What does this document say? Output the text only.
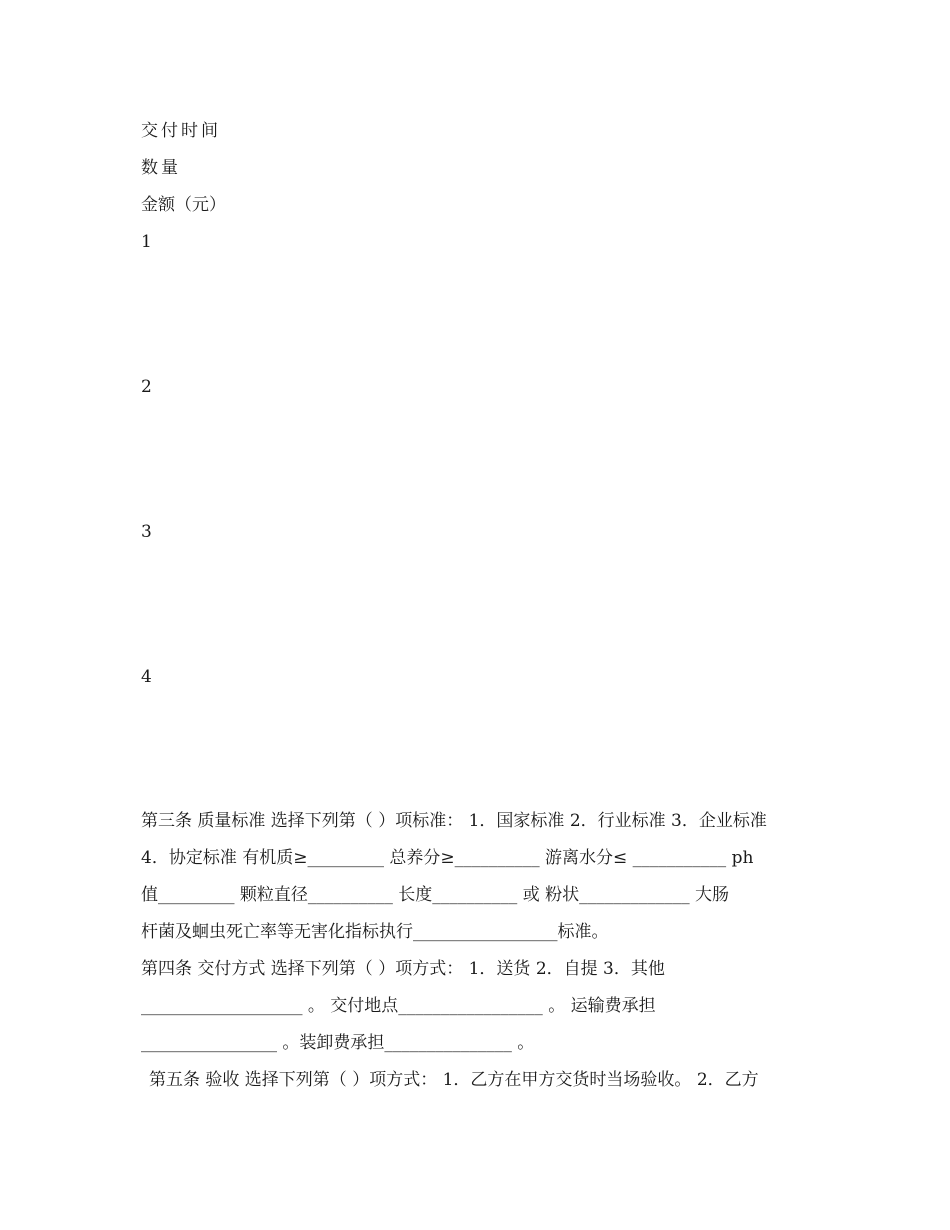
交付时间
数量
金额（元）
1
2
3
4
第三条 质量标准 选择下列第（ ）项标准： 1．国家标准 2．行业标准 3．企业标准
4．协定标准 有机质≥_________ 总养分≥__________ 游离水分≤ ___________ ph
值_________ 颗粒直径__________ 长度__________ 或 粉状_____________ 大肠
杆菌及蛔虫死亡率等无害化指标执行_________________标准。
第四条 交付方式 选择下列第（ ）项方式： 1．送货 2．自提 3．其他
___________________ 。 交付地点_________________ 。 运输费承担
________________ 。装卸费承担_______________ 。
第五条 验收 选择下列第（ ）项方式： 1．乙方在甲方交货时当场验收。 2．乙方
